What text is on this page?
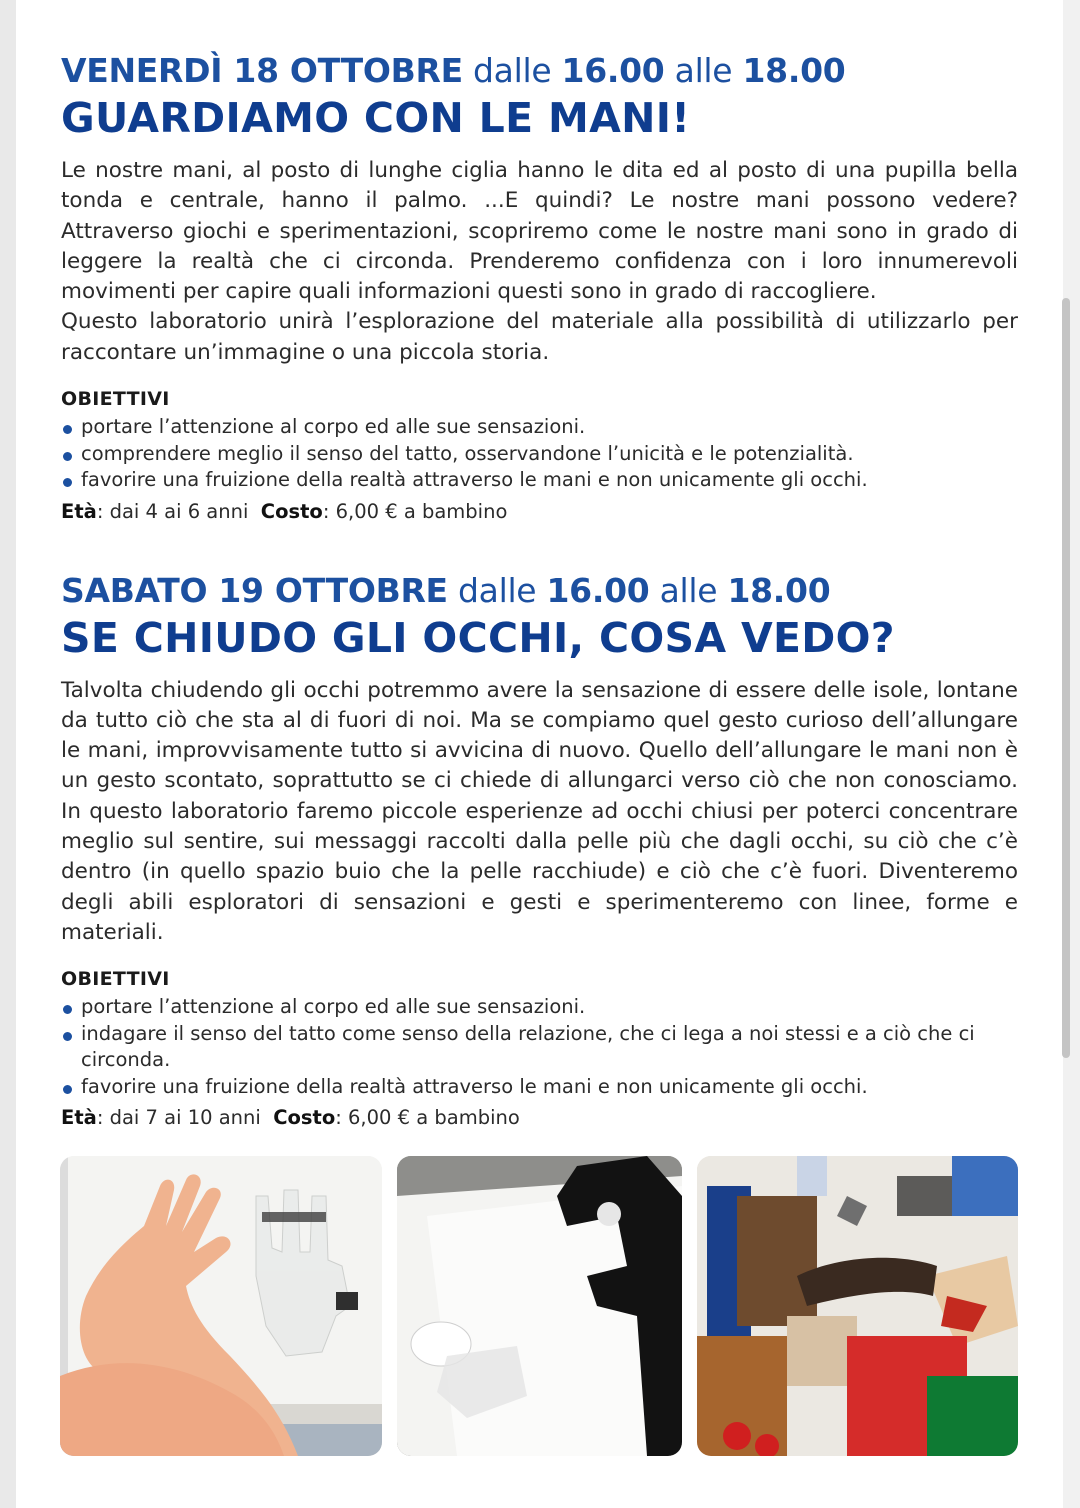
VENERDÌ 18 OTTOBRE dalle 16.00 alle 18.00

GUARDIAMO CON LE MANI!

Le nostre mani, al posto di lunghe ciglia hanno le dita ed al posto di una pupilla bella tonda e centrale, hanno il palmo. ...E quindi? Le nostre mani possono vedere? Attraverso giochi e sperimentazioni, scopriremo come le nostre mani sono in grado di leggere la realtà che ci circonda. Prenderemo confidenza con i loro innumerevoli movimenti per capire quali informazioni questi sono in grado di raccogliere.

Questo laboratorio unirà l’esplorazione del materiale alla possibilità di utilizzarlo per raccontare un’immagine o una piccola storia.

OBIETTIVI
portare l’attenzione al corpo ed alle sue sensazioni.
comprendere meglio il senso del tatto, osservandone l’unicità e le potenzialità.
favorire una fruizione della realtà attraverso le mani e non unicamente gli occhi.

Età: dai 4 ai 6 anni Costo: 6,00 € a bambino

SABATO 19 OTTOBRE dalle 16.00 alle 18.00

SE CHIUDO GLI OCCHI, COSA VEDO?

Talvolta chiudendo gli occhi potremmo avere la sensazione di essere delle isole, lontane da tutto ciò che sta al di fuori di noi. Ma se compiamo quel gesto curioso dell’allungare le mani, improvvisamente tutto si avvicina di nuovo. Quello dell’allungare le mani non è un gesto scontato, soprattutto se ci chiede di allungarci verso ciò che non conosciamo. In questo laboratorio faremo piccole esperienze ad occhi chiusi per poterci concentrare meglio sul sentire, sui messaggi raccolti dalla pelle più che dagli occhi, su ciò che c’è dentro (in quello spazio buio che la pelle racchiude) e ciò che c’è fuori. Diventeremo degli abili esploratori di sensazioni e gesti e sperimenteremo con linee, forme e materiali.

OBIETTIVI
portare l’attenzione al corpo ed alle sue sensazioni.
indagare il senso del tatto come senso della relazione, che ci lega a noi stessi e a ciò che ci circonda.
favorire una fruizione della realtà attraverso le mani e non unicamente gli occhi.

Età: dai 7 ai 10 anni Costo: 6,00 € a bambino
